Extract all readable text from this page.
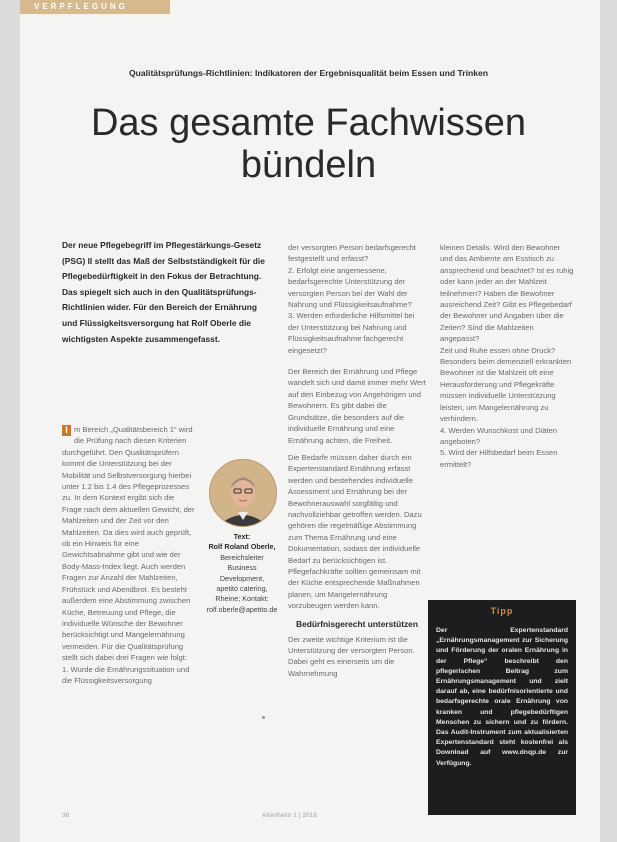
VERPFLEGUNG
Qualitätsprüfungs-Richtlinien: Indikatoren der Ergebnisqualität beim Essen und Trinken
Das gesamte Fachwissen
bündeln
Der neue Pflegebegriff im Pflegestärkungs-Gesetz (PSG) II stellt das Maß der Selbstständigkeit für die Pflegebedürftigkeit in den Fokus der Betrachtung. Das spiegelt sich auch in den Qualitätsprüfungs-Richtlinien wider. Für den Bereich der Ernährung und Flüssigkeitsversorgung hat Rolf Oberle die wichtigsten Aspekte zusammengefasst.

I m Bereich „Qualitätsbereich 1“ wird die Prüfung nach diesen Kriterien durchgeführt. Den Qualitätsprüfern kommt die Unterstützung bei der Mobilität und Selbstversorgung hierbei unter 1.2 bis 1.4 des Pflegeprozesses zu. In dem Kontext ergibt sich die Frage nach dem aktuellen Gewicht, der Mahlzeiten und der Zeit vor den Mahlzeiten. Da dies wird auch geprüft, ob ein Hinweis für eine Gewichtsabnahme gibt und wie der Body-Mass-Index liegt. Auch werden Fragen zur Anzahl der Mahlzeiten, Frühstück und Abendbrot. Es besteht außerdem eine Abstimmung zwischen Küche, Betreuung und Pflege, die individuelle Wünsche der Bewohner berücksichtigt und Mangelernährung vermeiden. Für die Qualitätsprüfung stellt sich dabei drei Fragen wie folgt:

1. Wurde die Ernährungssituation und die Flüssigkeitsversorgung

Text:
Rolf Roland Oberle,
Bereichsleiter Business Development,
apetito catering,
Rheine; Kontakt: rolf.oberle@apetito.de

der versorgten Person bedarfsgerecht festgestellt und erfasst?

2. Erfolgt eine angemessene, bedarfsgerechte Unterstützung der versorgten Person bei der Wahl der Nahrung und Flüssigkeitsaufnahme?

3. Werden erforderliche Hilfsmittel bei der Unterstützung bei Nahrung und Flüssigkeitsaufnahme fachgerecht eingesetzt?

Der Bereich der Ernährung und Pflege wandelt sich und damit immer mehr Wert auf den Einbezug von Angehörigen und Bewohnern. Es gibt dabei die Grundsätze, die besonders auf die individuelle Ernährung und eine Ernährung achten, die Freiheit.

Die Bedarfe müssen daher durch ein Expertenstandard Ernährung erfasst werden und bestehendes individuelle Assessment und Ernährung bei der Bewohnerauswahl sorgfältig und nachvollziehbar getroffen werden. Dazu gehören die regelmäßige Abstimmung zum Thema Ernährung und eine Dokumentation, sodass der individuelle Bedarf zu berücksichtigen ist. Pflegefachkräfte sollten gemeinsam mit der Küche entsprechende Maßnahmen planen, um Mangelernährung vorzubeugen werden kann.

Bedürfnisgerecht unterstützen

Der zweite wichtige Kriterium ist die Unterstützung der versorgten Person. Dabei geht es einerseits um die Wahrnehmung

kleinen Details. Wird den Bewohner und das Ambiente am Esstisch zu ansprechend und beachtet? Ist es ruhig oder kann jeder an der Mahlzeit teilnehmen? Haben die Bewohner ausreichend Zeit? Gibt es Pflegebedarf der Bewohner und Angaben über die Zeiten? Sind die Mahlzeiten angepasst?

Zeit und Ruhe essen ohne Druck? Besonders beim demenziell erkrankten Bewohner ist die Mahlzeit oft eine Herausforderung und Pflegekräfte müssen individuelle Unterstützung leisten, um Mangelernährung zu verhindern.

4. Werden Wunschkost und Diäten angeboten?

5. Wird der Hilfsbedarf beim Essen ermittelt?

Tipp
Der Expertenstandard „Ernährungsmanagement zur Sicherung und Förderung der oralen Ernährung in der Pflege“ beschreibt den pflegerischen Beitrag zum Ernährungsmanagement und zielt darauf ab, eine bedürfnisorientierte und bedarfsgerechte orale Ernährung von kranken und pflegebedürftigen Menschen zu sichern und zu fördern. Das Audit-Instrument zum aktualisierten Expertenstandard steht kostenfrei als Download auf www.dnqp.de zur Verfügung.
36	Altenheim 1 | 2016
